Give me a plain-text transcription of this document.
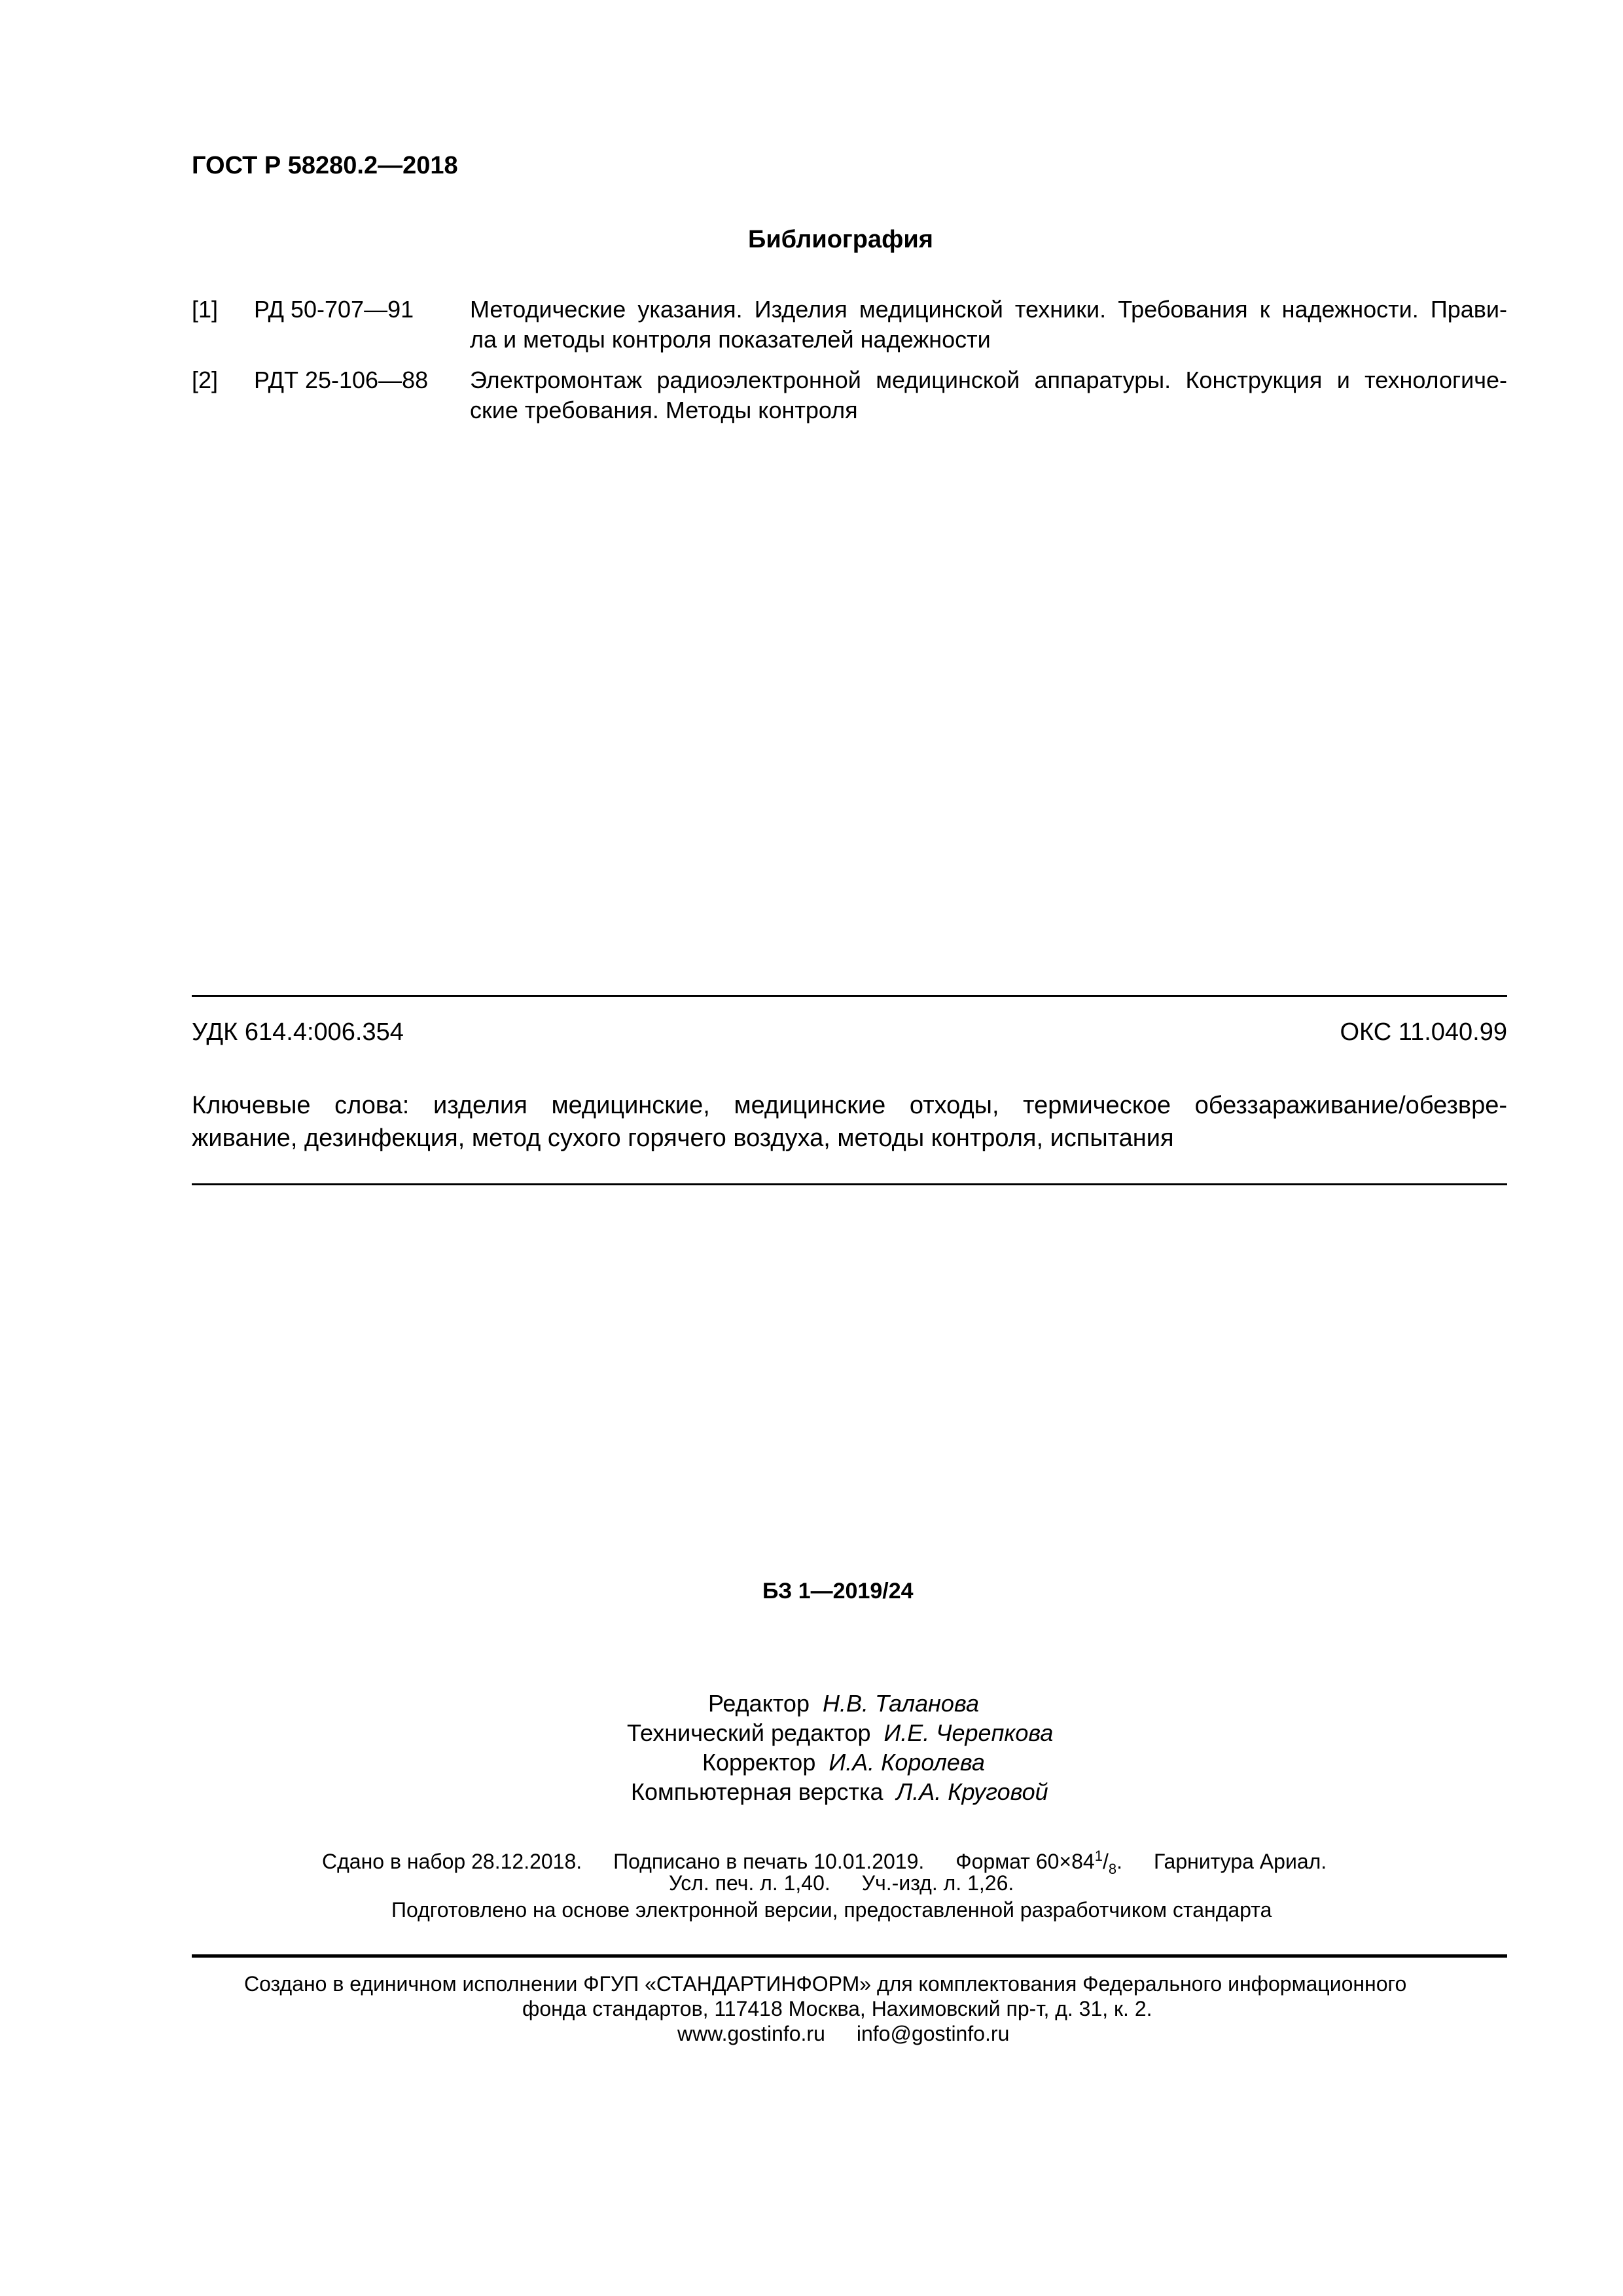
ГОСТ Р 58280.2—2018
Библиография
[1] РД 50-707—91 Методические указания. Изделия медицинской техники. Требования к надежности. Прави-
ла и методы контроля показателей надежности
[2] РДТ 25-106—88 Электромонтаж радиоэлектронной медицинской аппаратуры. Конструкция и технологиче-
ские требования. Методы контроля
УДК 614.4:006.354	ОКС 11.040.99
Ключевые слова: изделия медицинские, медицинские отходы, термическое обеззараживание/обезвре-
живание, дезинфекция, метод сухого горячего воздуха, методы контроля, испытания
БЗ 1—2019/24
Редактор Н.В. Таланова
Технический редактор И.Е. Черепкова
Корректор И.А. Королева
Компьютерная верстка Л.А. Круговой
Сдано в набор 28.12.2018. Подписано в печать 10.01.2019. Формат $60\times 84^1/_8$. Гарнитура Ариал.
Усл. печ. л. 1,40. Уч.-изд. л. 1,26.
Подготовлено на основе электронной версии, предоставленной разработчиком стандарта
Создано в единичном исполнении ФГУП «СТАНДАРТИНФОРМ» для комплектования Федерального информационного
фонда стандартов, 117418 Москва, Нахимовский пр-т, д. 31, к. 2.
www.gostinfo.ru info@gostinfo.ru
